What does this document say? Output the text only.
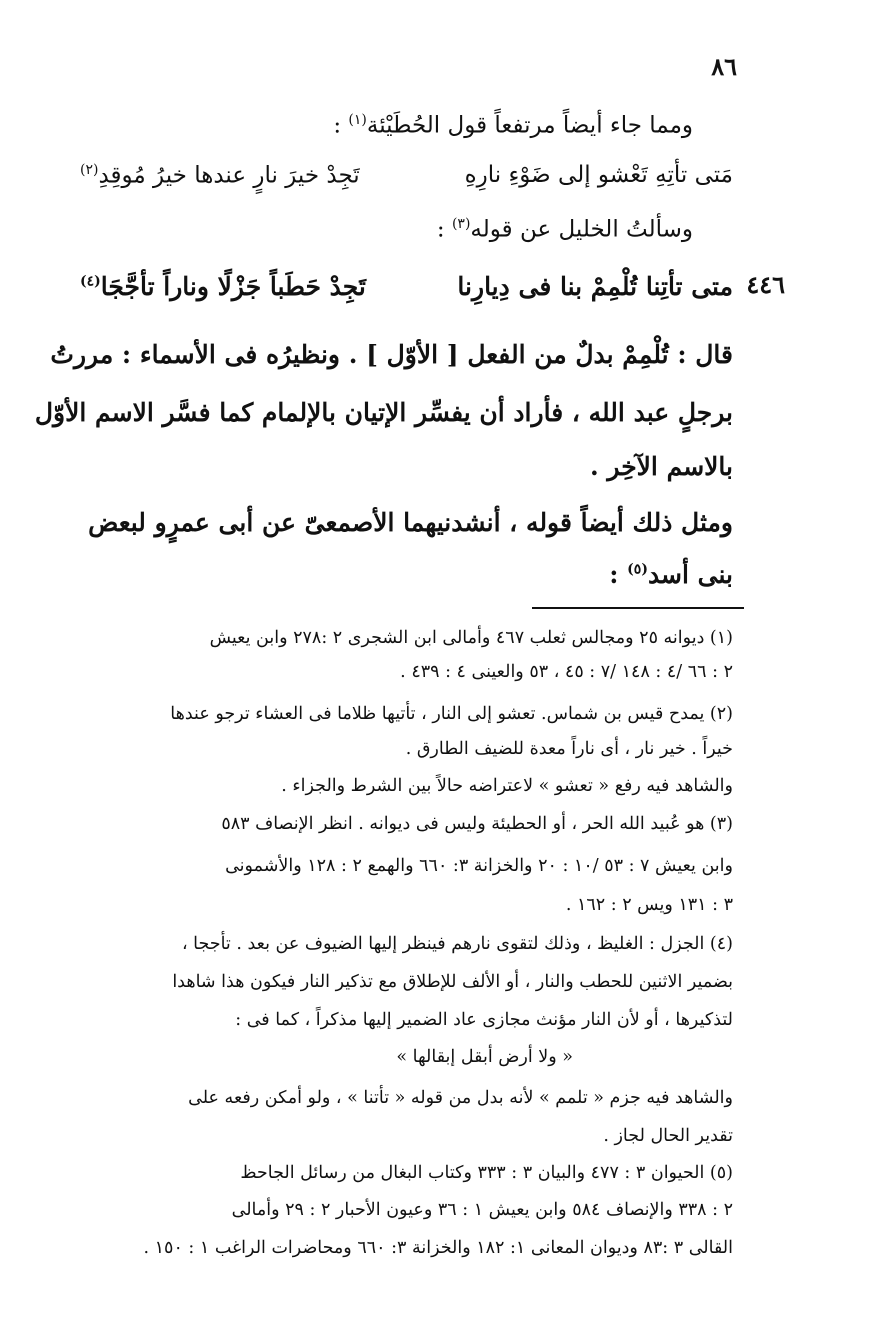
٨٦
ومما جاء أيضاً مرتفعاً قول الحُطَيْئة$^{(١)}$ :
مَتى تأتِهِ تَعْشو إلى ضَوْءِ نارِهِ
تَجِدْ خيرَ نارٍ عندها خيرُ مُوقِدِ$^{(٢)}$
وسألتُ الخليل عن قوله$^{(٣)}$ :
٤٤٦
متى تأتِنا تُلْمِمْ بنا فى دِيارِنا
تَجِدْ حَطَباً جَزْلًا وناراً تأجَّجَا$^{(٤)}$
قال : تُلْمِمْ بدلٌ من الفعل [ الأوّل ] . ونظيرُه فى الأسماء : مررتُ
برجلٍ عبد الله ، فأراد أن يفسِّر الإتيان بالإلمام كما فسَّر الاسم الأوّل
بالاسم الآخِر .
ومثل ذلك أيضاً قوله ، أنشدنيهما الأصمعىّ عن أبى عمرٍو لبعض
بنى أسد$^{(٥)}$ :
(١) ديوانه ٢٥ ومجالس ثعلب ٤٦٧ وأمالى ابن الشجرى ٢ :٢٧٨ وابن يعيش
٢ : ٦٦ /٤ : ١٤٨ /٧ : ٤٥ ، ٥٣ والعينى ٤ : ٤٣٩ .
(٢) يمدح قيس بن شماس. تعشو إلى النار ، تأتيها ظلاما فى العشاء ترجو عندها
خيراً . خير نار ، أى ناراً معدة للضيف الطارق .
والشاهد فيه رفع « تعشو » لاعتراضه حالاً بين الشرط والجزاء .
(٣) هو عُبيد الله الحر ، أو الحطيئة وليس فى ديوانه . انظر الإنصاف ٥٨٣
وابن يعيش ٧ : ٥٣ /١٠ : ٢٠ والخزانة ٣: ٦٦٠ والهمع ٢ : ١٢٨ والأشمونى
٣ : ١٣١ ويس ٢ : ١٦٢ .
(٤) الجزل : الغليظ ، وذلك لتقوى نارهم فينظر إليها الضيوف عن بعد . تأججا ،
بضمير الاثنين للحطب والنار ، أو الألف للإطلاق مع تذكير النار فيكون هذا شاهدا
لتذكيرها ، أو لأن النار مؤنث مجازى عاد الضمير إليها مذكراً ، كما فى :
« ولا أرض أبقل إبقالها »
والشاهد فيه جزم « تلمم » لأنه بدل من قوله « تأتنا » ، ولو أمكن رفعه على
تقدير الحال لجاز .
(٥) الحيوان ٣ : ٤٧٧ والبيان ٣ : ٣٣٣ وكتاب البغال من رسائل الجاحظ
٢ : ٣٣٨ والإنصاف ٥٨٤ وابن يعيش ١ : ٣٦ وعيون الأحبار ٢ : ٢٩ وأمالى
القالى ٣ :٨٣ وديوان المعانى ١: ١٨٢ والخزانة ٣: ٦٦٠ ومحاضرات الراغب ١ : ١٥٠ .
